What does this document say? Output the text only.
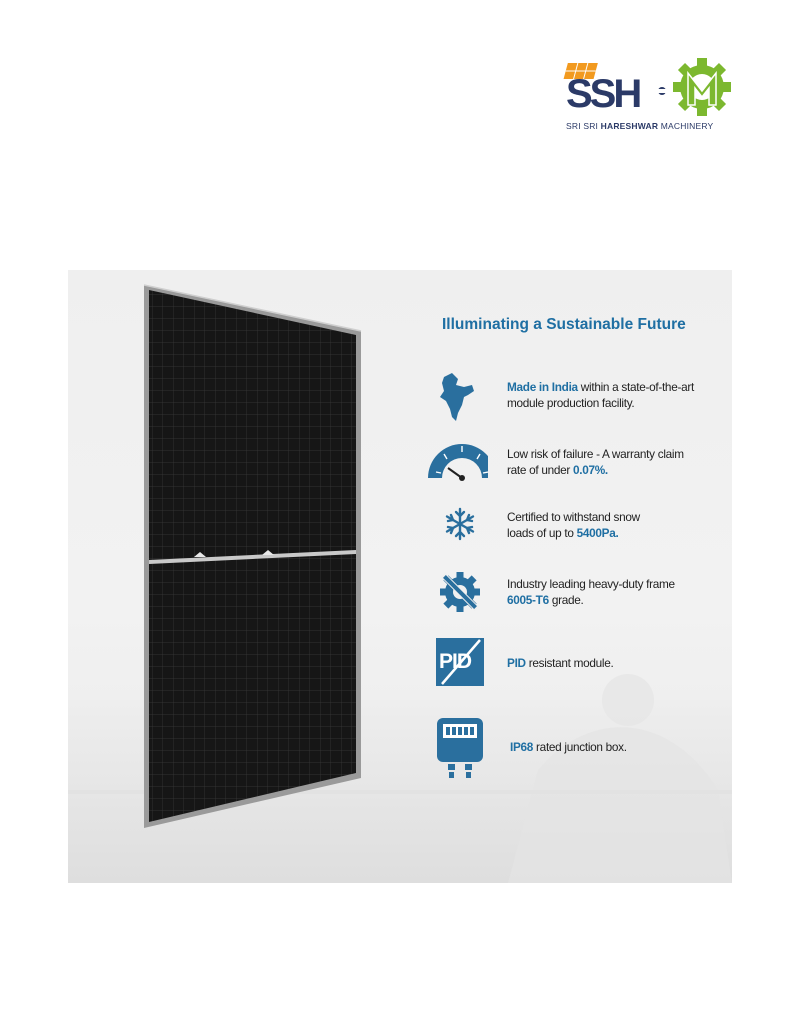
SSH
SRI SRI HARESHWAR MACHINERY
Illuminating a Sustainable Future
Made in India within a state-of-the-art
module production facility.
Low risk of failure - A warranty claim
rate of under 0.07%.
Certified to withstand snow
loads of up to 5400Pa.
Industry leading heavy-duty frame
6005-T6 grade.
PID	PID resistant module.
IP68 rated junction box.
